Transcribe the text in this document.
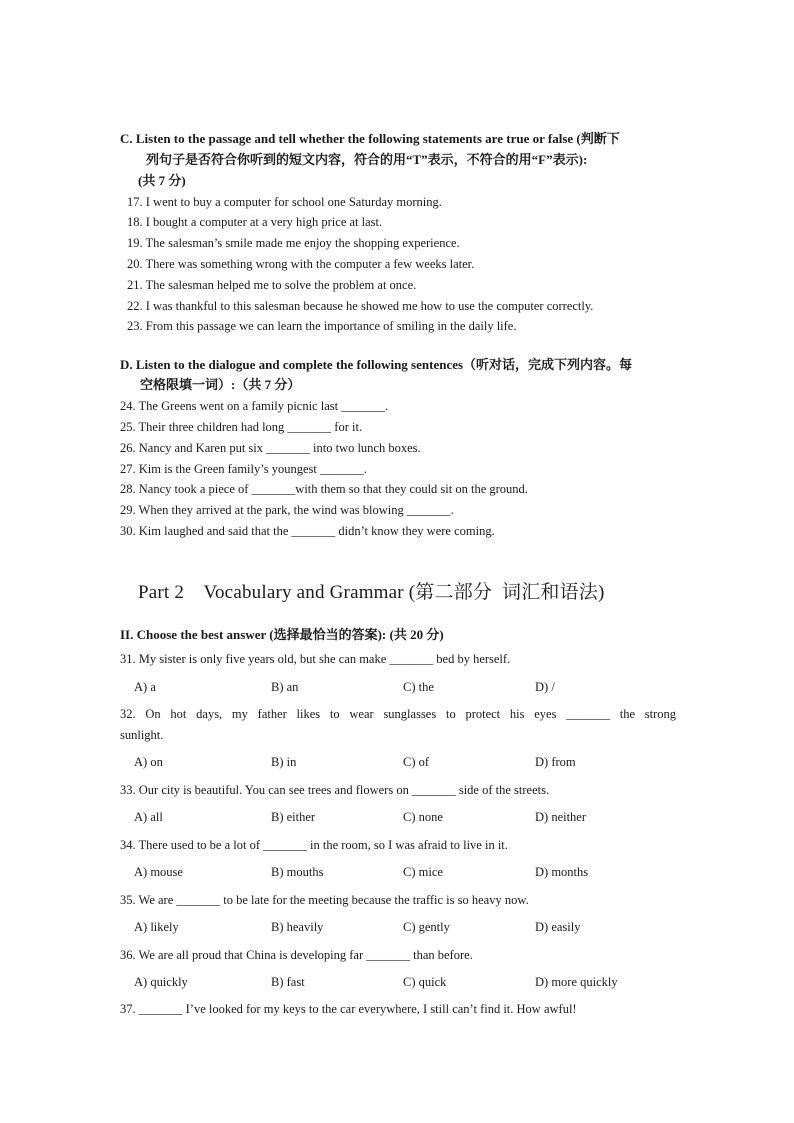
C. Listen to the passage and tell whether the following statements are true or false (判断下
列句子是否符合你听到的短文内容，符合的用“T”表示，不符合的用“F”表示):
(共 7 分)
17. I went to buy a computer for school one Saturday morning.
18. I bought a computer at a very high price at last.
19. The salesman’s smile made me enjoy the shopping experience.
20. There was something wrong with the computer a few weeks later.
21. The salesman helped me to solve the problem at once.
22. I was thankful to this salesman because he showed me how to use the computer correctly.
23. From this passage we can learn the importance of smiling in the daily life.
D. Listen to the dialogue and complete the following sentences（听对话，完成下列内容。每
空格限填一词）:（共 7 分）
24. The Greens went on a family picnic last _______.
25. Their three children had long _______ for it.
26. Nancy and Karen put six _______ into two lunch boxes.
27. Kim is the Green family’s youngest _______.
28. Nancy took a piece of _______with them so that they could sit on the ground.
29. When they arrived at the park, the wind was blowing _______.
30. Kim laughed and said that the _______ didn’t know they were coming.
Part 2    Vocabulary and Grammar (第二部分  词汇和语法)
II. Choose the best answer (选择最恰当的答案): (共 20 分)
31. My sister is only five years old, but she can make _______ bed by herself.
A) a	B) an	C) the	D) /
32. On hot days, my father likes to wear sunglasses to protect his eyes _______ the strong
sunlight.
A) on	B) in	C) of	D) from
33. Our city is beautiful. You can see trees and flowers on _______ side of the streets.
A) all	B) either	C) none	D) neither
34. There used to be a lot of _______ in the room, so I was afraid to live in it.
A) mouse	B) mouths	C) mice	D) months
35. We are _______ to be late for the meeting because the traffic is so heavy now.
A) likely	B) heavily	C) gently	D) easily
36. We are all proud that China is developing far _______ than before.
A) quickly	B) fast	C) quick	D) more quickly
37. _______ I’ve looked for my keys to the car everywhere, I still can’t find it. How awful!
